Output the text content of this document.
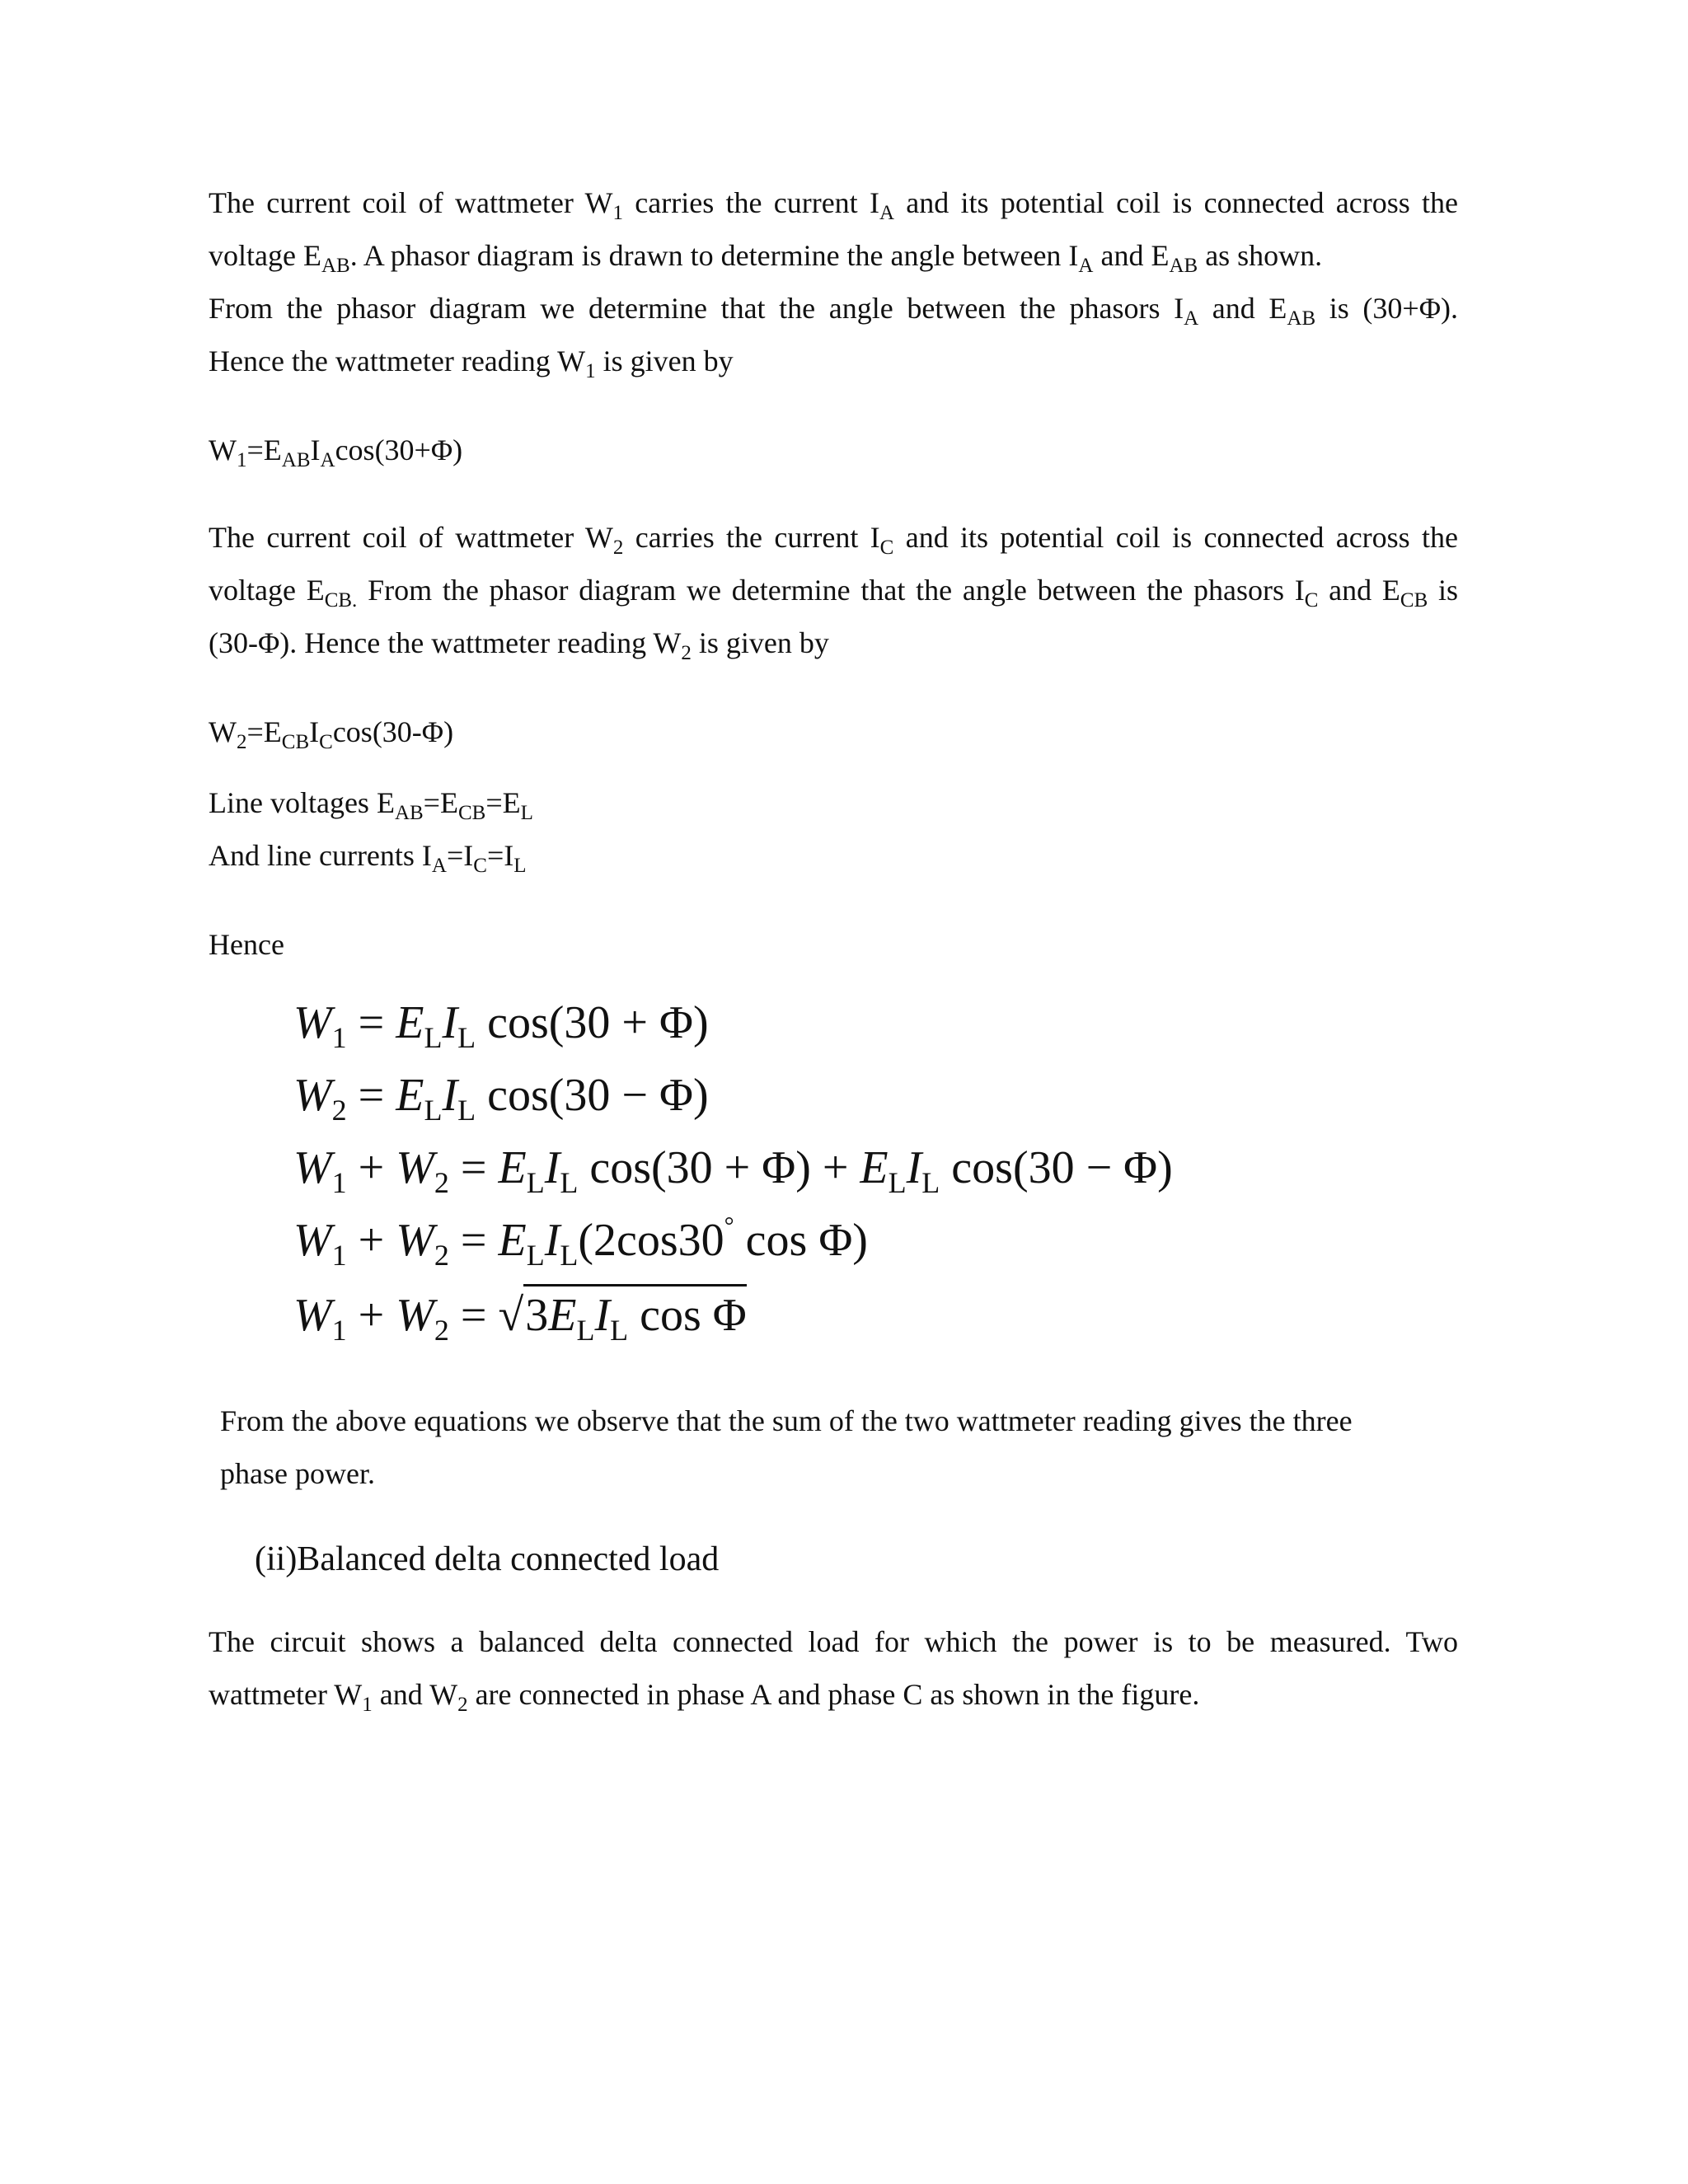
The current coil of wattmeter $W_1$ carries the current $I_A$ and its potential coil is connected across the
voltage $E_{AB}$. A phasor diagram is drawn to determine the angle between $I_A$ and $E_{AB}$ as shown.
From the phasor diagram we determine that the angle between the phasors $I_A$ and $E_{AB}$ is (30+Φ).
Hence the wattmeter reading $W_1$ is given by
$W_1=E_{AB}I_A\cos(30+\Phi)$
The current coil of wattmeter $W_2$ carries the current $I_C$ and its potential coil is connected across the
voltage $E_{CB.}$ From the phasor diagram we determine that the angle between the phasors $I_C$ and $E_{CB}$ is
(30-Φ). Hence the wattmeter reading $W_2$ is given by
$W_2=E_{CB}I_C\cos(30-\Phi)$
Line voltages $E_{AB}=E_{CB}=E_L$
And line currents $I_A=I_C=I_L$
Hence
$W_1 = E_LI_L$ cos(30 + Φ)
$W_2 = E_LI_L$ cos(30 − Φ)
$W_1 + W_2 = E_LI_L$ $\cos(30 + \Phi) + E_LI_L$ cos(30 − Φ)
$W_1 + W_2 = E_LI_L(2\cos 30^\circ$ cos Φ)
$W_1 + W_2 = √3E_LI_L$ cos Φ
From the above equations we observe that the sum of the two wattmeter reading gives the three
phase power.
(ii)Balanced delta connected load
The circuit shows a balanced delta connected load for which the power is to be measured. Two
wattmeter $W_1$ and $W_2$ are connected in phase A and phase C as shown in the figure.
